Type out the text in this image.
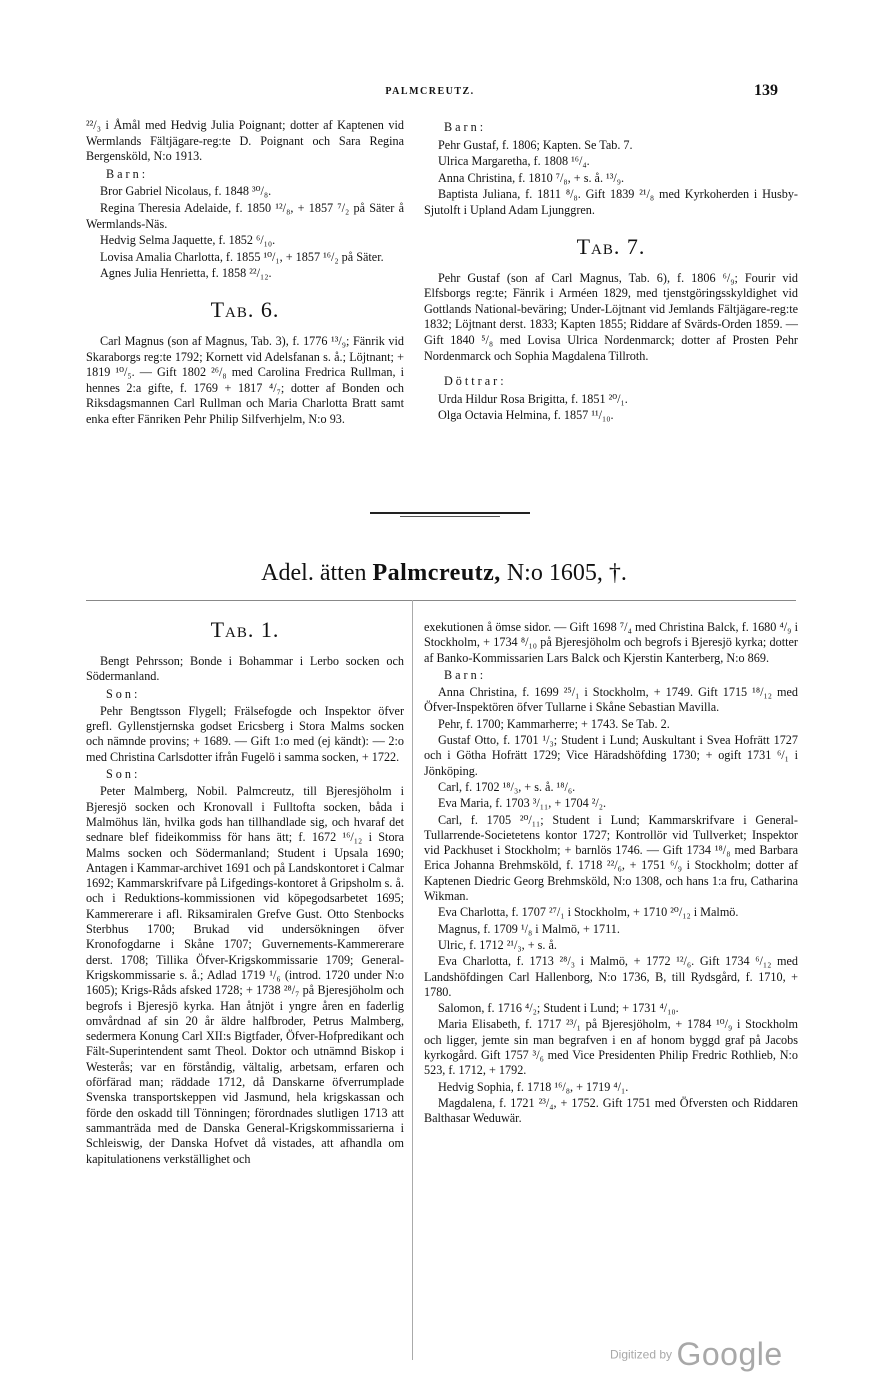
PALMCREUTZ.	139

²²/₃ i Åmål med Hedvig Julia Poignant; dotter af Kaptenen vid Wermlands Fältjägare-reg:te D. Poignant och Sara Regina Bergensköld, N:o 1913.

Barn:

Bror Gabriel Nicolaus, f. 1848 ³⁰/₈.

Regina Theresia Adelaide, f. 1850 ¹²/₈, + 1857 ⁷/₂ på Säter å Wermlands-Näs.

Hedvig Selma Jaquette, f. 1852 ⁶/₁₀.

Lovisa Amalia Charlotta, f. 1855 ¹⁰/₁, + 1857 ¹⁶/₂ på Säter.

Agnes Julia Henrietta, f. 1858 ²²/₁₂.

Tab. 6.

Carl Magnus (son af Magnus, Tab. 3), f. 1776 ¹³/₉; Fänrik vid Skaraborgs reg:te 1792; Kornett vid Adelsfanan s. å.; Löjtnant; + 1819 ¹⁰/₅. — Gift 1802 ²⁶/₈ med Carolina Fredrica Rullman, i hennes 2:a gifte, f. 1769 + 1817 ⁴/₇; dotter af Bonden och Riksdagsmannen Carl Rullman och Maria Charlotta Bratt samt enka efter Fänriken Pehr Philip Silfverhjelm, N:o 93.

Barn:

Pehr Gustaf, f. 1806; Kapten. Se Tab. 7.

Ulrica Margaretha, f. 1808 ¹⁶/₄.

Anna Christina, f. 1810 ⁷/₈, + s. å. ¹³/₉.

Baptista Juliana, f. 1811 ⁸/₈. Gift 1839 ²¹/₈ med Kyrkoherden i Husby-Sjutolft i Upland Adam Ljunggren.

Tab. 7.

Pehr Gustaf (son af Carl Magnus, Tab. 6), f. 1806 ⁶/₉; Fourir vid Elfsborgs reg:te; Fänrik i Arméen 1829, med tjenstgöringsskyldighet vid Gottlands National-beväring; Under-Löjtnant vid Jemlands Fältjägare-reg:te 1832; Löjtnant derst. 1833; Kapten 1855; Riddare af Svärds-Orden 1859. — Gift 1840 ⁵/₈ med Lovisa Ulrica Nordenmarck; dotter af Prosten Pehr Nordenmarck och Sophia Magdalena Tillroth.

Döttrar:

Urda Hildur Rosa Brigitta, f. 1851 ²⁰/₁.

Olga Octavia Helmina, f. 1857 ¹¹/₁₀.

Adel. ätten Palmcreutz, N:o 1605, †.

Tab. 1.

Bengt Pehrsson; Bonde i Bohammar i Lerbo socken och Södermanland.

Son:

Pehr Bengtsson Flygell; Frälsefogde och Inspektor öfver grefl. Gyllenstjernska godset Ericsberg i Stora Malms socken och nämnde provins; + 1689. — Gift 1:o med (ej kändt): — 2:o med Christina Carlsdotter ifrån Fugelö i samma socken, + 1722.

Son:

Peter Malmberg, Nobil. Palmcreutz, till Bjeresjöholm i Bjeresjö socken och Kronovall i Fulltofta socken, båda i Malmöhus län, hvilka gods han tillhandlade sig, och hvaraf det sednare blef fideikommiss för hans ätt; f. 1672 ¹⁶/₁₂ i Stora Malms socken och Södermanland; Student i Upsala 1690; Antagen i Kammar-archivet 1691 och på Landskontoret i Calmar 1692; Kammarskrifvare på Lifgedings-kontoret å Gripsholm s. å. och i Reduktions-kommissionen vid köpegodsarbetet 1695; Kammererare i afl. Riksamiralen Grefve Gust. Otto Stenbocks Sterbhus 1700; Brukad vid undersökningen öfver Kronofogdarne i Skåne 1707; Guvernements-Kammererare derst. 1708; Tillika Öfver-Krigskommissarie 1709; General-Krigskommissarie s. å.; Adlad 1719 ¹/₆ (introd. 1720 under N:o 1605); Krigs-Råds afsked 1728; + 1738 ²⁸/₇ på Bjeresjöholm och begrofs i Bjeresjö kyrka. Han åtnjöt i yngre åren en faderlig omvårdnad af sin 20 år äldre halfbroder, Petrus Malmberg, sedermera Konung Carl XII:s Bigtfader, Öfver-Hofpredikant och Fält-Superintendent samt Theol. Doktor och utnämnd Biskop i Westerås; var en förståndig, vältalig, arbetsam, erfaren och oförfärad man; räddade 1712, då Danskarne öfverrumplade Svenska transportskeppen vid Jasmund, hela krigskassan och förde den oskadd till Tönningen; förordnades slutligen 1713 att sammanträda med de Danska General-Krigskommissarierna i Schleiswig, der Danska Hofvet då vistades, att afhandla om kapitulationens verkställighet och

exekutionen å ömse sidor. — Gift 1698 ⁷/₄ med Christina Balck, f. 1680 ⁴/₉ i Stockholm, + 1734 ⁸/₁₀ på Bjeresjöholm och begrofs i Bjeresjö kyrka; dotter af Banko-Kommissarien Lars Balck och Kjerstin Kanterberg, N:o 869.

Barn:

Anna Christina, f. 1699 ²⁵/₁ i Stockholm, + 1749. Gift 1715 ¹⁸/₁₂ med Öfver-Inspektören öfver Tullarne i Skåne Sebastian Mavilla.

Pehr, f. 1700; Kammarherre; + 1743. Se Tab. 2.

Gustaf Otto, f. 1701 ¹/₃; Student i Lund; Auskultant i Svea Hofrätt 1727 och i Götha Hofrätt 1729; Vice Häradshöfding 1730; + ogift 1731 ⁶/₁ i Jönköping.

Carl, f. 1702 ¹⁸/₃, + s. å. ¹⁸/₆.

Eva Maria, f. 1703 ³/₁₁, + 1704 ²/₂.

Carl, f. 1705 ²⁰/₁₁; Student i Lund; Kammarskrifvare i General-Tullarrende-Societetens kontor 1727; Kontrollör vid Tullverket; Inspektor vid Packhuset i Stockholm; + barnlös 1746. — Gift 1734 ¹⁸/₈ med Barbara Erica Johanna Brehmsköld, f. 1718 ²²/₆, + 1751 ⁶/₉ i Stockholm; dotter af Kaptenen Diedric Georg Brehmsköld, N:o 1308, och hans 1:a fru, Catharina Wikman.

Eva Charlotta, f. 1707 ²⁷/₁ i Stockholm, + 1710 ²⁰/₁₂ i Malmö.

Magnus, f. 1709 ¹/₈ i Malmö, + 1711.

Ulric, f. 1712 ²¹/₃, + s. å.

Eva Charlotta, f. 1713 ²⁸/₃ i Malmö, + 1772 ¹²/₆. Gift 1734 ⁶/₁₂ med Landshöfdingen Carl Hallenborg, N:o 1736, B, till Rydsgård, f. 1710, + 1780.

Salomon, f. 1716 ⁴/₂; Student i Lund; + 1731 ⁴/₁₀.

Maria Elisabeth, f. 1717 ²³/₁ på Bjeresjöholm, + 1784 ¹⁰/₉ i Stockholm och ligger, jemte sin man begrafven i en af honom byggd graf på Jacobs kyrkogård. Gift 1757 ³/₆ med Vice Presidenten Philip Fredric Rothlieb, N:o 523, f. 1712, + 1792.

Hedvig Sophia, f. 1718 ¹⁶/₈, + 1719 ⁴/₁.

Magdalena, f. 1721 ²³/₄, + 1752. Gift 1751 med Öfversten och Riddaren Balthasar Weduwär.

Digitized by Google
